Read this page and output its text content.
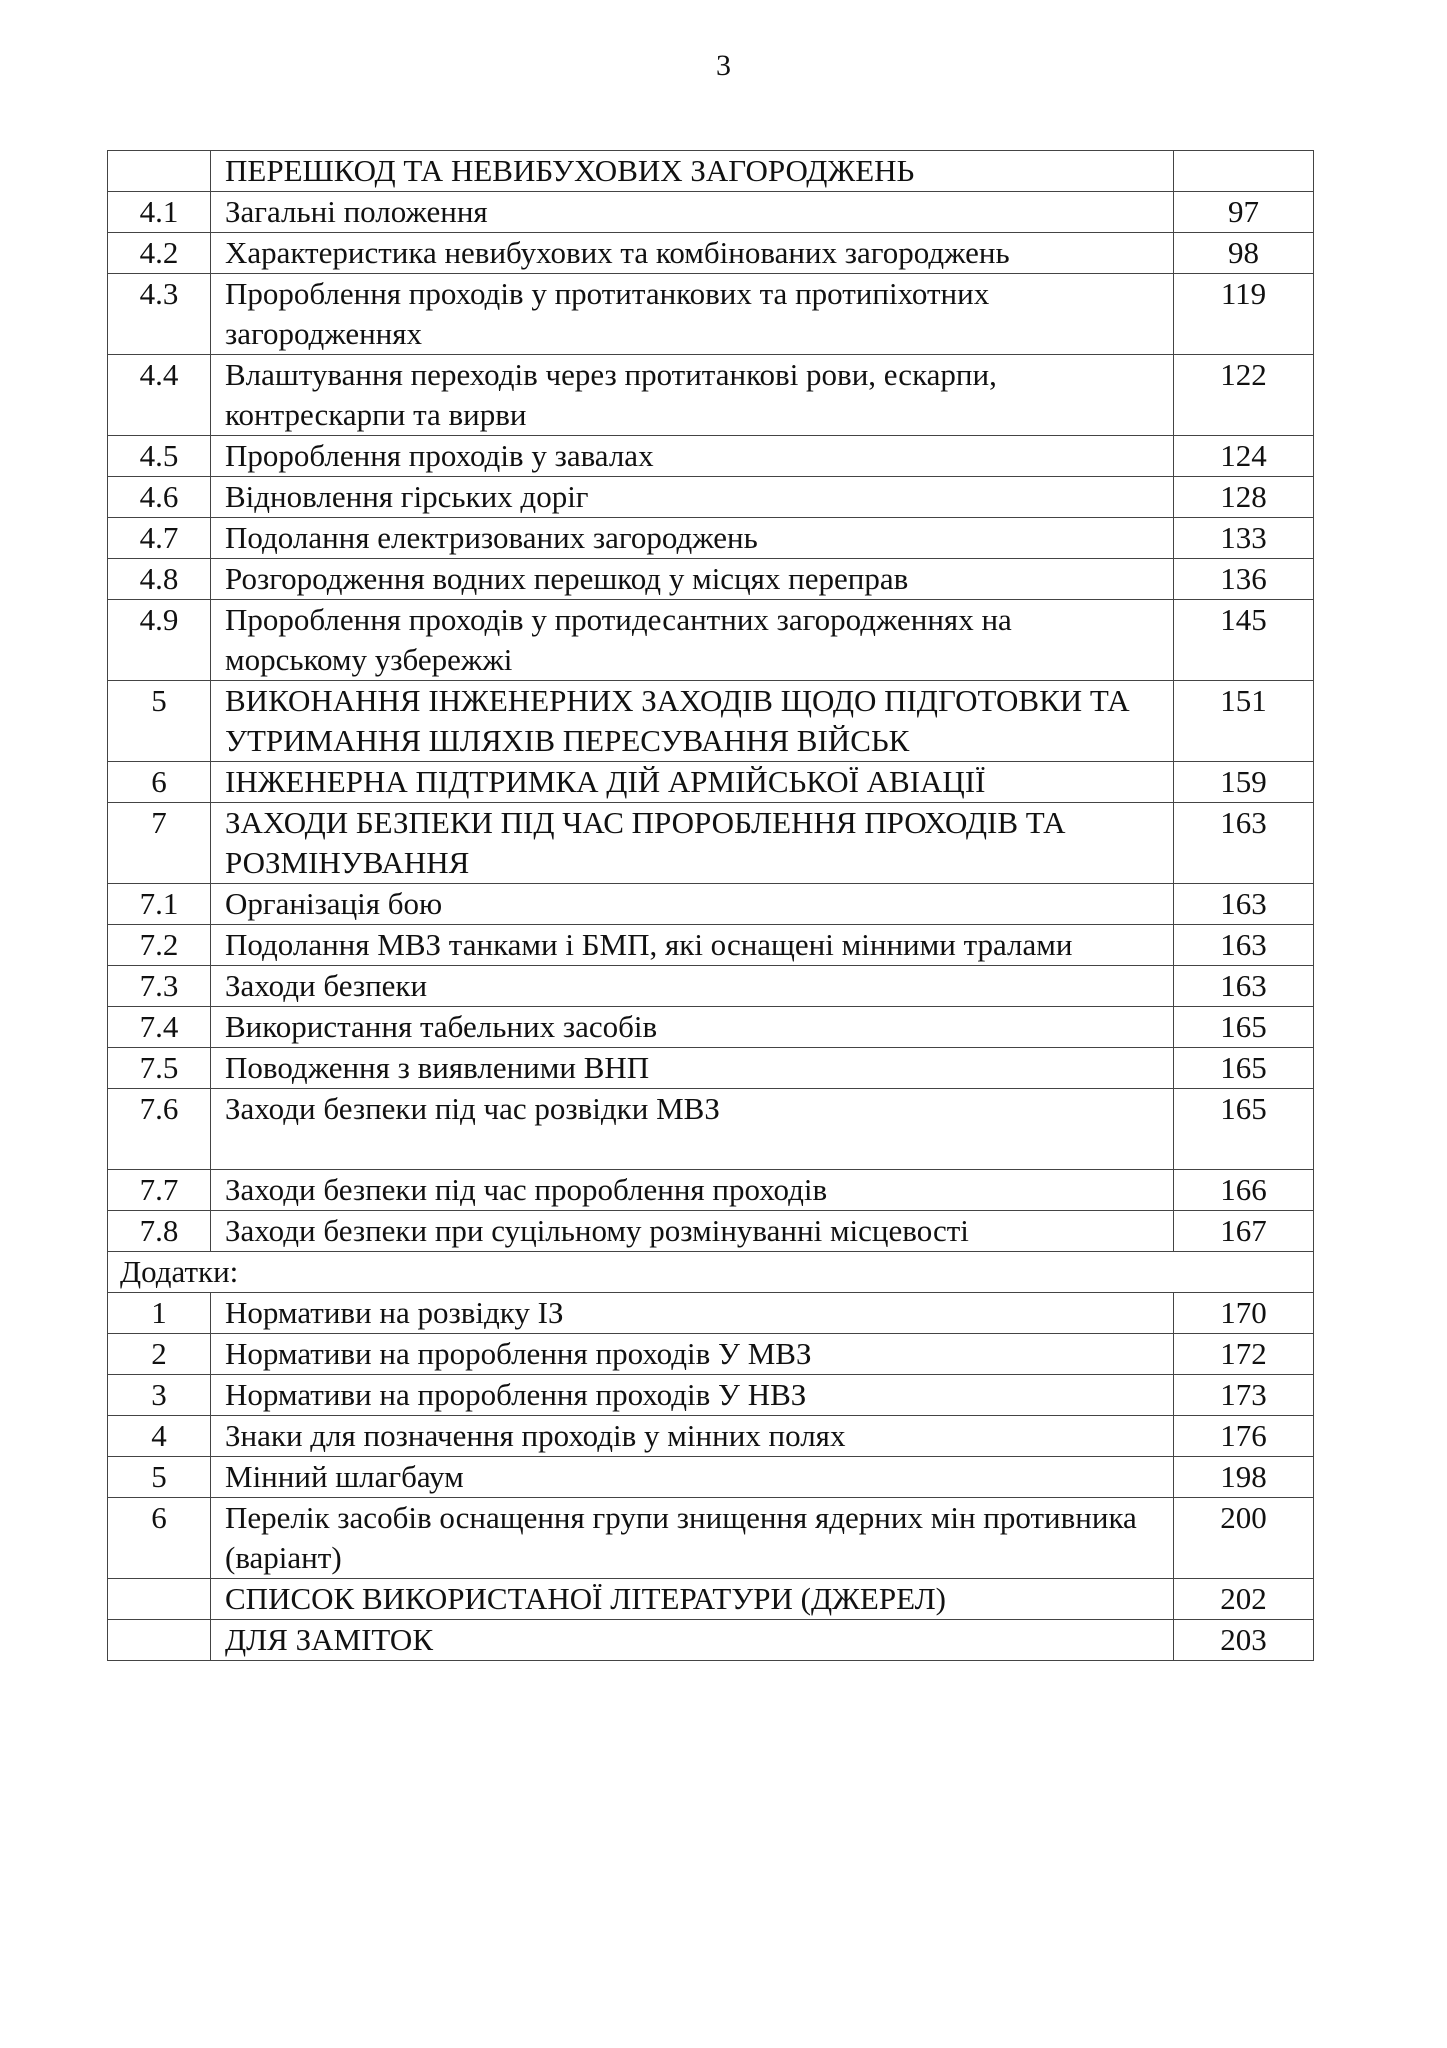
3
	ПЕРЕШКОД ТА НЕВИБУХОВИХ ЗАГОРОДЖЕНЬ	
4.1	Загальні положення	97
4.2	Характеристика невибухових та комбінованих загороджень	98
4.3	Пророблення проходів у протитанкових та протипіхотних загородженнях	119
4.4	Влаштування переходів через протитанкові рови, ескарпи, контрескарпи та вирви	122
4.5	Пророблення проходів у завалах	124
4.6	Відновлення гірських доріг	128
4.7	Подолання електризованих загороджень	133
4.8	Розгородження водних перешкод у місцях переправ	136
4.9	Пророблення проходів у протидесантних загородженнях на морському узбережжі	145
5	ВИКОНАННЯ ІНЖЕНЕРНИХ ЗАХОДІВ ЩОДО ПІДГОТОВКИ ТА УТРИМАННЯ ШЛЯХІВ ПЕРЕСУВАННЯ ВІЙСЬК	151
6	ІНЖЕНЕРНА ПІДТРИМКА ДІЙ АРМІЙСЬКОЇ АВІАЦІЇ	159
7	ЗАХОДИ БЕЗПЕКИ ПІД ЧАС ПРОРОБЛЕННЯ ПРОХОДІВ ТА РОЗМІНУВАННЯ	163
7.1	Організація бою	163
7.2	Подолання МВЗ танками і БМП, які оснащені мінними тралами	163
7.3	Заходи безпеки	163
7.4	Використання табельних засобів	165
7.5	Поводження з виявленими ВНП	165
7.6	Заходи безпеки під час розвідки МВЗ	165
7.7	Заходи безпеки під час пророблення проходів	166
7.8	Заходи безпеки при суцільному розмінуванні місцевості	167
Додатки:		
1	Нормативи на розвідку ІЗ	170
2	Нормативи на пророблення проходів У МВЗ	172
3	Нормативи на пророблення проходів У НВЗ	173
4	Знаки для позначення проходів у мінних полях	176
5	Мінний шлагбаум	198
6	Перелік засобів оснащення групи знищення ядерних мін противника (варіант)	200
	СПИСОК ВИКОРИСТАНОЇ ЛІТЕРАТУРИ (ДЖЕРЕЛ)	202
	ДЛЯ ЗАМІТОК	203
